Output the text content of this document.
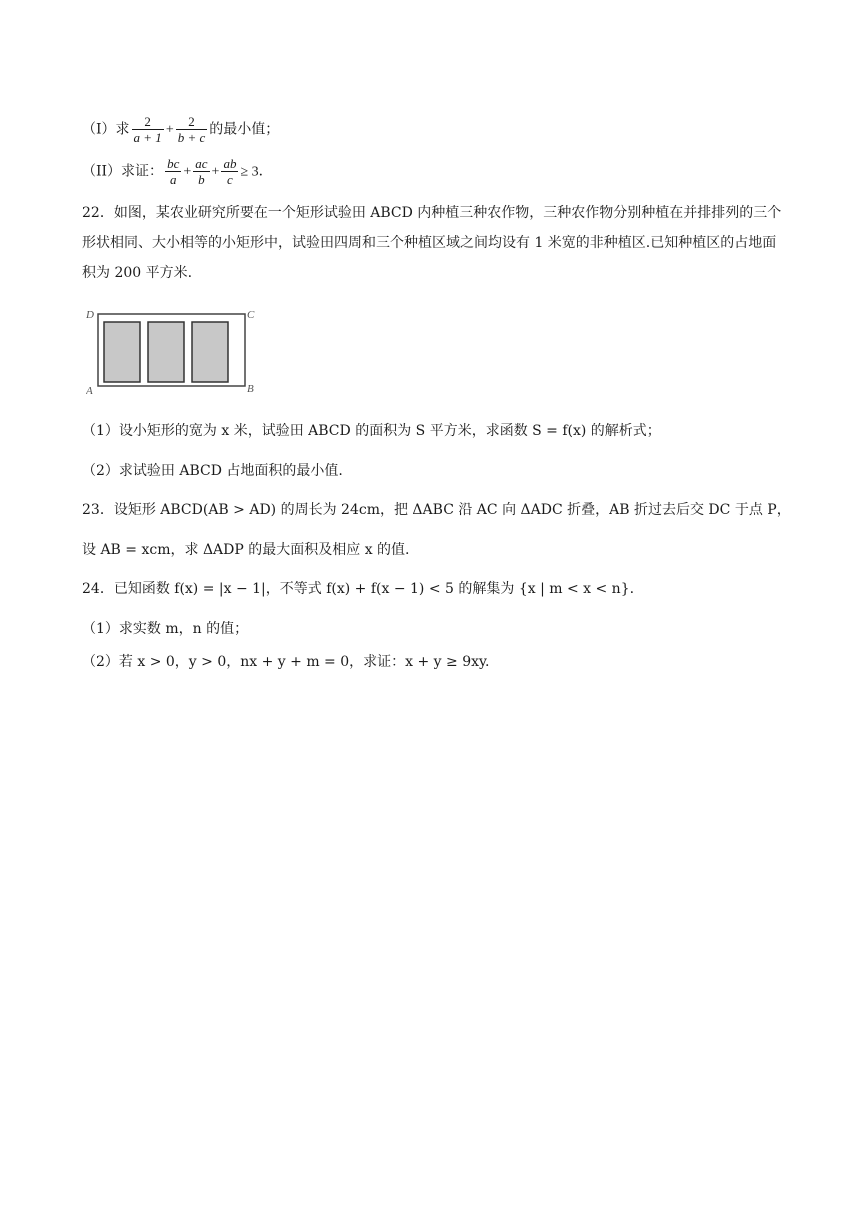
（I）求 $\frac{2}{a + 1} + \frac{2}{b + c}$ 的最小值；
（II）求证： $\frac{bc}{a} + \frac{ac}{b} + \frac{ab}{c} \ge 3$．
22．如图，某农业研究所要在一个矩形试验田 ABCD 内种植三种农作物，三种农作物分别种植在并排排列的三个形状相同、大小相等的小矩形中，试验田四周和三个种植区域之间均设有 1 米宽的非种植区.已知种植区的占地面积为 200 平方米.
D	C
A	B
（1）设小矩形的宽为 x 米，试验田 ABCD 的面积为 S 平方米，求函数 S = f(x) 的解析式；
（2）求试验田 ABCD 占地面积的最小值.
23．设矩形 ABCD(AB > AD) 的周长为 24cm，把 ΔABC 沿 AC 向 ΔADC 折叠，AB 折过去后交 DC 于点 P，
设 AB = xcm，求 ΔADP 的最大面积及相应 x 的值.
24．已知函数 f(x) = |x − 1|，不等式 f(x) + f(x − 1) < 5 的解集为 {x | m < x < n}.
（1）求实数 m，n 的值；
（2）若 x > 0，y > 0，nx + y + m = 0，求证：x + y ≥ 9xy.
